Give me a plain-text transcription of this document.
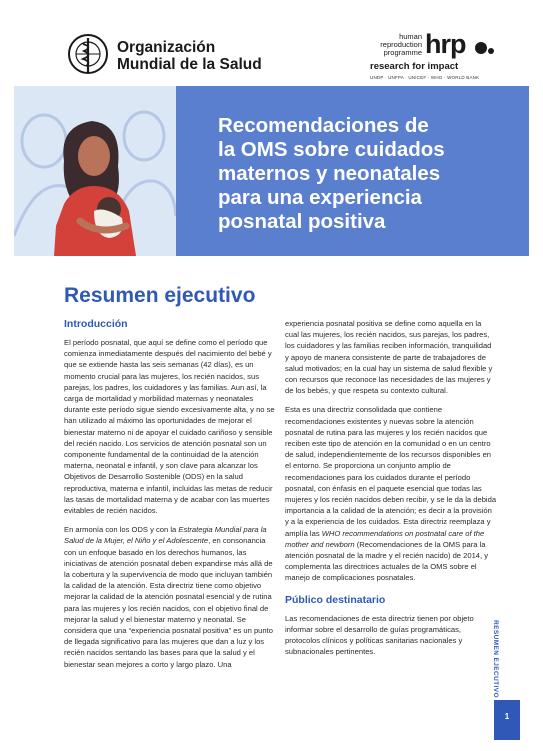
Organización
Mundial de la Salud
human
reproduction
programme hrp
research for impact
UNDP · UNFPA · UNICEF · WHO · WORLD BANK
Recomendaciones de
la OMS sobre cuidados
maternos y neonatales
para una experiencia
posnatal positiva
Resumen ejecutivo
Introducción

El período posnatal, que aquí se define como el período que comienza inmediatamente después del nacimiento del bebé y que se extiende hasta las seis semanas (42 días), es un momento crucial para las mujeres, los recién nacidos, sus parejas, los padres, los cuidadores y las familias. Aun así, la carga de mortalidad y morbilidad maternas y neonatales durante este período sigue siendo excesivamente alta, y no se han utilizado al máximo las oportunidades de mejorar el bienestar materno ni de apoyar el cuidado cariñoso y sensible del recién nacido. Los servicios de atención posnatal son un componente fundamental de la continuidad de la atención materna, neonatal e infantil, y son clave para alcanzar los Objetivos de Desarrollo Sostenible (ODS) en la salud reproductiva, materna e infantil, incluidas las metas de reducir las tasas de mortalidad materna y de acabar con las muertes evitables de recién nacidos.

En armonía con los ODS y con la Estrategia Mundial para la Salud de la Mujer, el Niño y el Adolescente, en consonancia con un enfoque basado en los derechos humanos, las iniciativas de atención posnatal deben expandirse más allá de la cobertura y la supervivencia de modo que incluyan también la calidad de la atención. Esta directriz tiene como objetivo mejorar la calidad de la atención posnatal esencial y de rutina para las mujeres y los recién nacidos, con el objetivo final de mejorar la salud y el bienestar materno y neonatal. Se considera que una “experiencia posnatal positiva” es un punto de llegada significativo para las mujeres que dan a luz y los recién nacidos sentando las bases para que la salud y el bienestar sean mejores a corto y largo plazo. Una

experiencia posnatal positiva se define como aquella en la cual las mujeres, los recién nacidos, sus parejas, los padres, los cuidadores y las familias reciben información, tranquilidad y apoyo de manera consistente de parte de trabajadores de salud motivados; en la cual hay un sistema de salud flexible y con recursos que reconoce las necesidades de las mujeres y de los bebés, y que respeta su contexto cultural.

Esta es una directriz consolidada que contiene recomendaciones existentes y nuevas sobre la atención posnatal de rutina para las mujeres y los recién nacidos que reciben este tipo de atención en la comunidad o en un centro de salud, independientemente de los recursos disponibles en el entorno. Se proporciona un conjunto amplio de recomendaciones para los cuidados durante el período posnatal, con énfasis en el paquete esencial que todas las mujeres y los recién nacidos deben recibir, y se le da la debida importancia a la calidad de la atención; es decir a la provisión y a la experiencia de los cuidados. Esta directriz reemplaza y amplía las WHO recommendations on postnatal care of the mother and newborn (Recomendaciones de la OMS para la atención posnatal de la madre y el recién nacido) de 2014, y complementa las directrices actuales de la OMS sobre el manejo de complicaciones posnatales.

Público destinatario

Las recomendaciones de esta directriz tienen por objeto informar sobre el desarrollo de guías programáticas, protocolos clínicos y políticas sanitarias nacionales y subnacionales pertinentes.	RESUMEN EJECUTIVO
1
